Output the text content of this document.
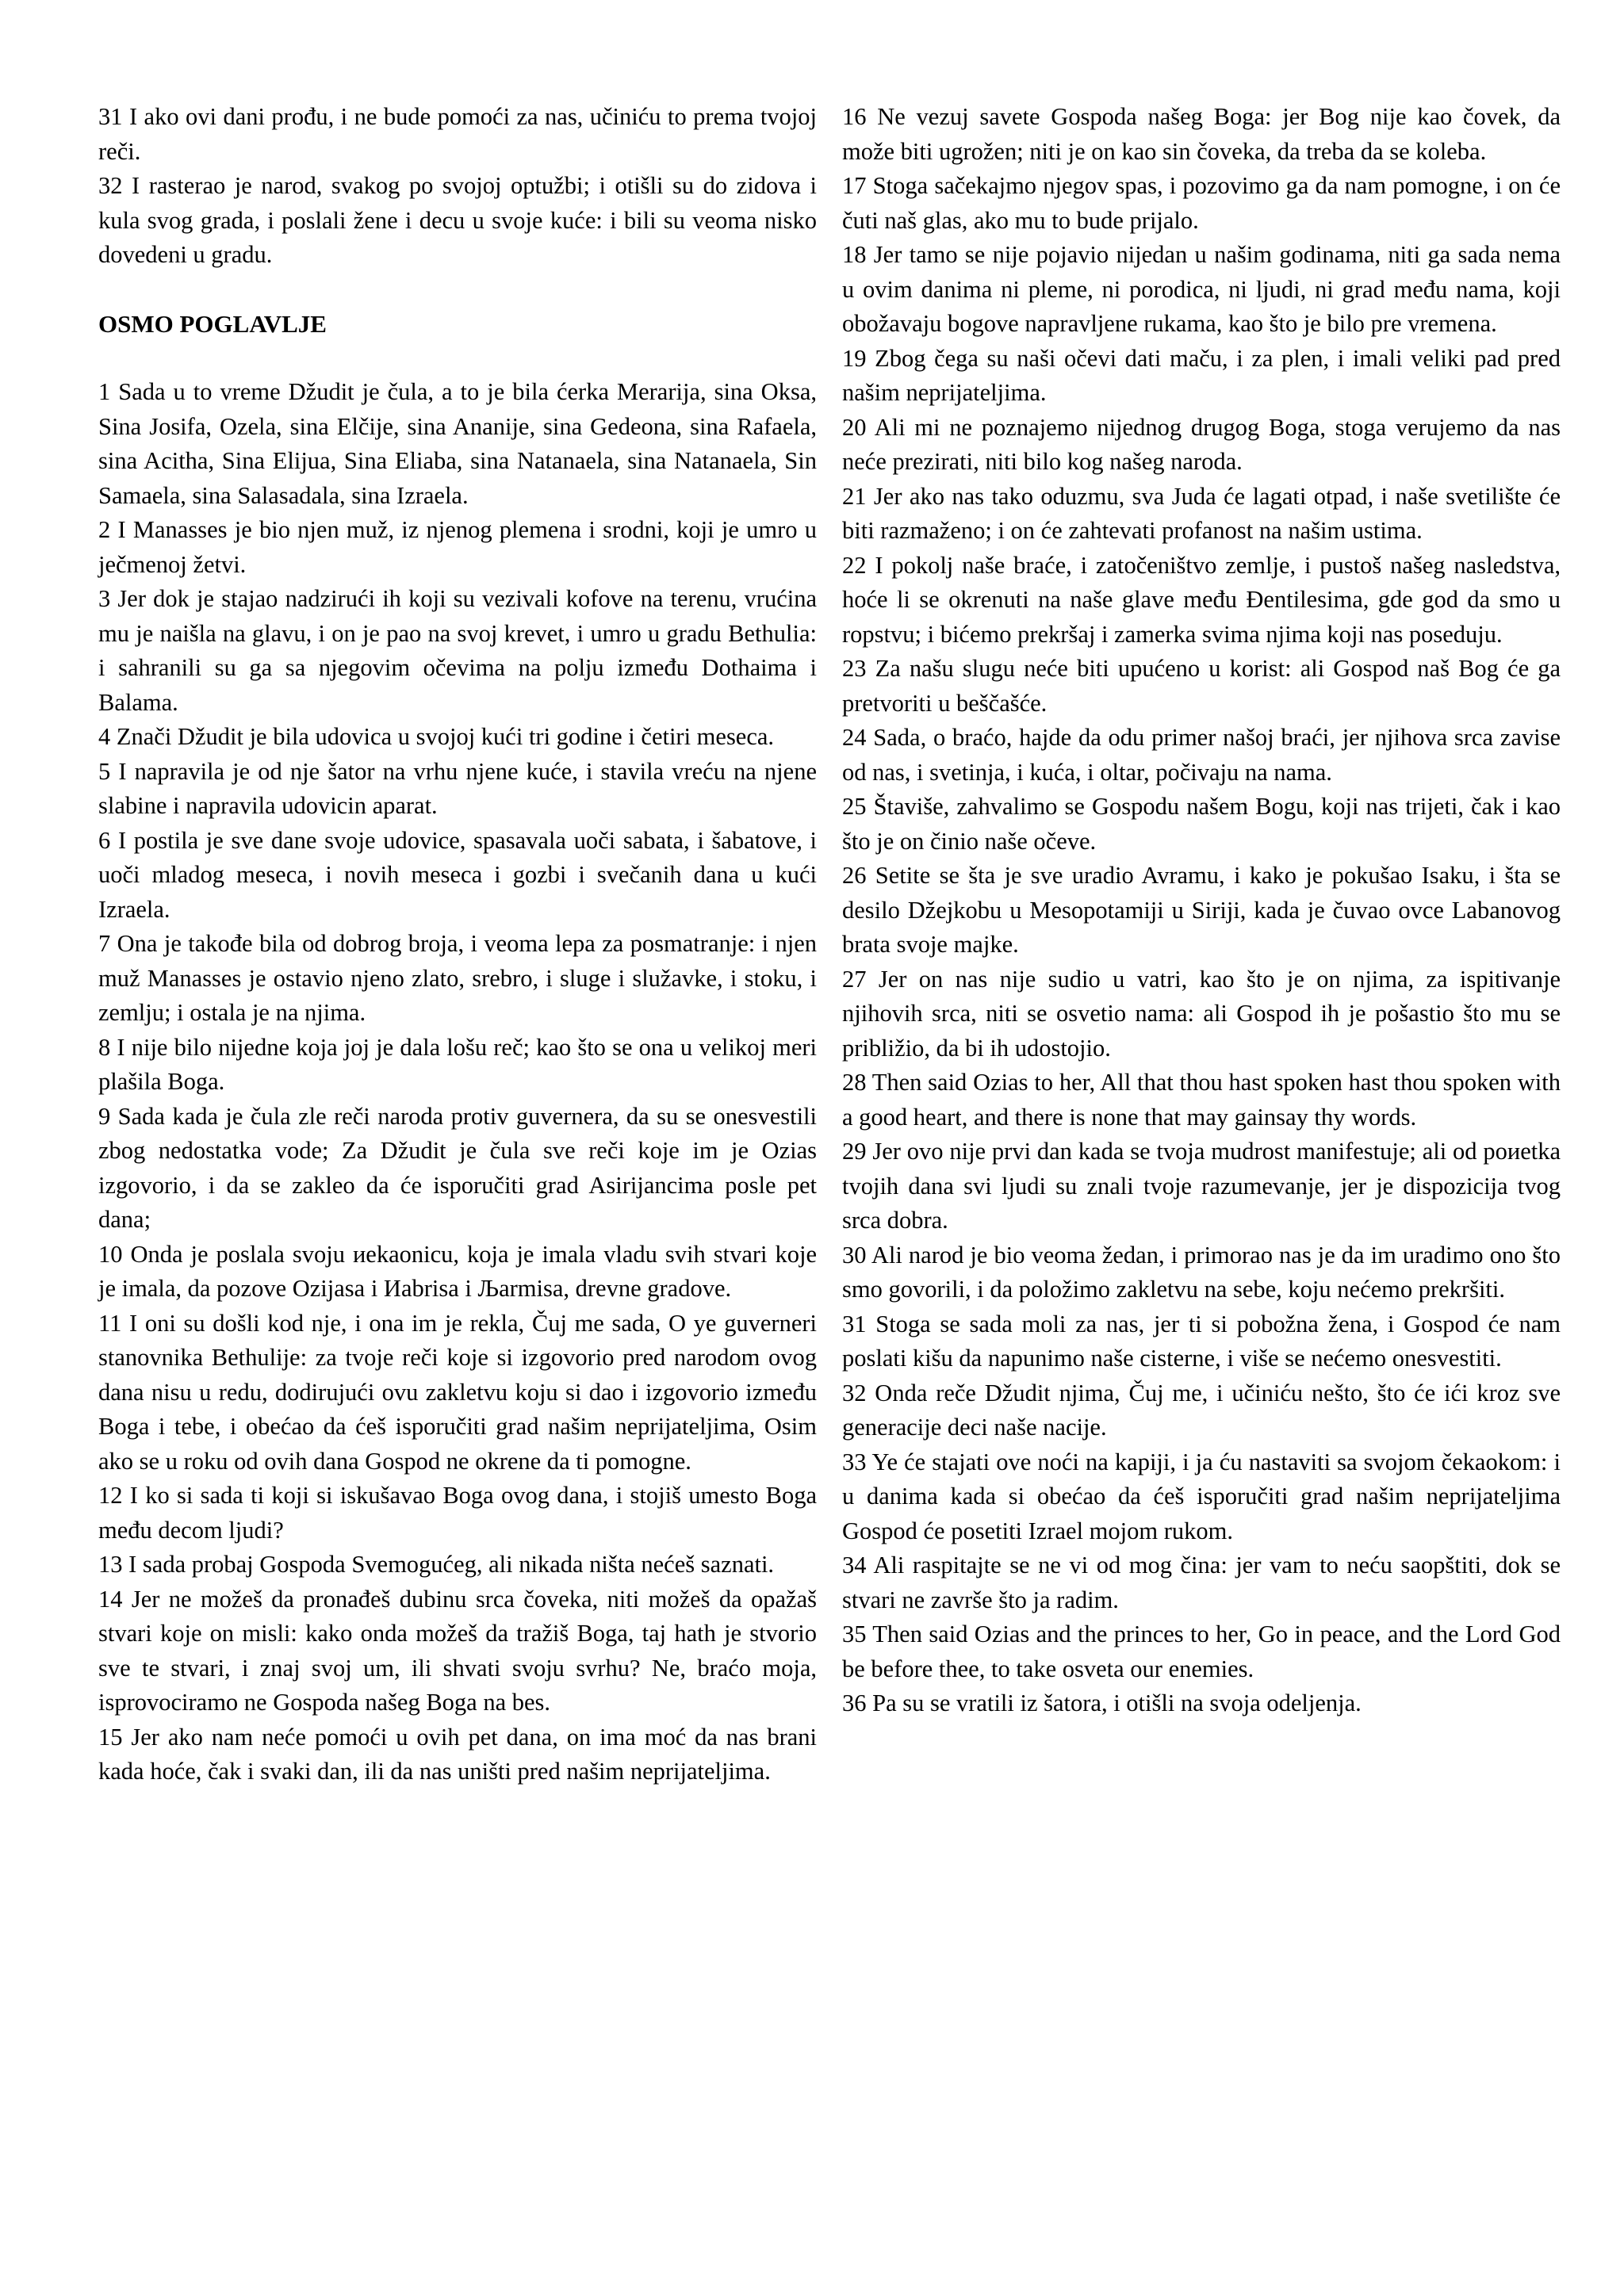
31 I ako ovi dani prođu, i ne bude pomoći za nas, učiniću to prema tvojoj reči.

32 I rasterao je narod, svakog po svojoj optužbi; i otišli su do zidova i kula svog grada, i poslali žene i decu u svoje kuće: i bili su veoma nisko dovedeni u gradu.

OSMO POGLAVLJE

1 Sada u to vreme Džudit je čula, a to je bila ćerka Merarija, sina Oksa, Sina Josifa, Ozela, sina Elčije, sina Ananije, sina Gedeona, sina Rafaela, sina Acitha, Sina Elijua, Sina Eliaba, sina Natanaela, sina Natanaela, Sin Samaela, sina Salasadala, sina Izraela.

2 I Manasses je bio njen muž, iz njenog plemena i srodni, koji je umro u ječmenoj žetvi.

3 Jer dok je stajao nadzirući ih koji su vezivali kofove na terenu, vrućina mu je naišla na glavu, i on je pao na svoj krevet, i umro u gradu Bethulia: i sahranili su ga sa njegovim očevima na polju između Dothaima i Balama.

4 Znači Džudit je bila udovica u svojoj kući tri godine i četiri meseca.

5 I napravila je od nje šator na vrhu njene kuće, i stavila vreću na njene slabine i napravila udovicin aparat.

6 I postila je sve dane svoje udovice, spasavala uoči sabata, i šabatove, i uoči mladog meseca, i novih meseca i gozbi i svečanih dana u kući Izraela.

7 Ona je takođe bila od dobrog broja, i veoma lepa za posmatranje: i njen muž Manasses je ostavio njeno zlato, srebro, i sluge i služavke, i stoku, i zemlju; i ostala je na njima.

8 I nije bilo nijedne koja joj je dala lošu reč; kao što se ona u velikoj meri plašila Boga.

9 Sada kada je čula zle reči naroda protiv guvernera, da su se onesvestili zbog nedostatka vode; Za Džudit je čula sve reči koje im je Ozias izgovorio, i da se zakleo da će isporučiti grad Asirijancima posle pet dana;

10 Onda je poslala svoju иekaonicu, koja je imala vladu svih stvari koje je imala, da pozove Ozijasa i Иabrisa i Љarmisa, drevne gradove.

11 I oni su došli kod nje, i ona im je rekla, Čuj me sada, O ye guverneri stanovnika Bethulije: za tvoje reči koje si izgovorio pred narodom ovog dana nisu u redu, dodirujući ovu zakletvu koju si dao i izgovorio između Boga i tebe, i obećao da ćeš isporučiti grad našim neprijateljima, Osim ako se u roku od ovih dana Gospod ne okrene da ti pomogne.

12 I ko si sada ti koji si iskušavao Boga ovog dana, i stojiš umesto Boga među decom ljudi?

13 I sada probaj Gospoda Svemogućeg, ali nikada ništa nećeš saznati.

14 Jer ne možeš da pronađeš dubinu srca čoveka, niti možeš da opažaš stvari koje on misli: kako onda možeš da tražiš Boga, taj hath je stvorio sve te stvari, i znaj svoj um, ili shvati svoju svrhu? Ne, braćo moja, isprovociramo ne Gospoda našeg Boga na bes.

15 Jer ako nam neće pomoći u ovih pet dana, on ima moć da nas brani kada hoće, čak i svaki dan, ili da nas uništi pred našim neprijateljima.

16 Ne vezuj savete Gospoda našeg Boga: jer Bog nije kao čovek, da može biti ugrožen; niti je on kao sin čoveka, da treba da se koleba.

17 Stoga sačekajmo njegov spas, i pozovimo ga da nam pomogne, i on će čuti naš glas, ako mu to bude prijalo.

18 Jer tamo se nije pojavio nijedan u našim godinama, niti ga sada nema u ovim danima ni pleme, ni porodica, ni ljudi, ni grad među nama, koji obožavaju bogove napravljene rukama, kao što je bilo pre vremena.

19 Zbog čega su naši očevi dati maču, i za plen, i imali veliki pad pred našim neprijateljima.

20 Ali mi ne poznajemo nijednog drugog Boga, stoga verujemo da nas neće prezirati, niti bilo kog našeg naroda.

21 Jer ako nas tako oduzmu, sva Juda će lagati otpad, i naše svetilište će biti razmaženo; i on će zahtevati profanost na našim ustima.

22 I pokolj naše braće, i zatočeništvo zemlje, i pustoš našeg nasledstva, hoće li se okrenuti na naše glave među Đentilesima, gde god da smo u ropstvu; i bićemo prekršaj i zamerka svima njima koji nas poseduju.

23 Za našu slugu neće biti upućeno u korist: ali Gospod naš Bog će ga pretvoriti u beščašće.

24 Sada, o braćo, hajde da odu primer našoj braći, jer njihova srca zavise od nas, i svetinja, i kuća, i oltar, počivaju na nama.

25 Štaviše, zahvalimo se Gospodu našem Bogu, koji nas trijeti, čak i kao što je on činio naše očeve.

26 Setite se šta je sve uradio Avramu, i kako je pokušao Isaku, i šta se desilo Džejkobu u Mesopotamiji u Siriji, kada je čuvao ovce Labanovog brata svoje majke.

27 Jer on nas nije sudio u vatri, kao što je on njima, za ispitivanje njihovih srca, niti se osvetio nama: ali Gospod ih je pošastio što mu se približio, da bi ih udostojio.

28 Then said Ozias to her, All that thou hast spoken hast thou spoken with a good heart, and there is none that may gainsay thy words.

29 Jer ovo nije prvi dan kada se tvoja mudrost manifestuje; ali od poиetka tvojih dana svi ljudi su znali tvoje razumevanje, jer je dispozicija tvog srca dobra.

30 Ali narod je bio veoma žedan, i primorao nas je da im uradimo ono što smo govorili, i da položimo zakletvu na sebe, koju nećemo prekršiti.

31 Stoga se sada moli za nas, jer ti si pobožna žena, i Gospod će nam poslati kišu da napunimo naše cisterne, i više se nećemo onesvestiti.

32 Onda reče Džudit njima, Čuj me, i učiniću nešto, što će ići kroz sve generacije deci naše nacije.

33 Ye će stajati ove noći na kapiji, i ja ću nastaviti sa svojom čekaokom: i u danima kada si obećao da ćeš isporučiti grad našim neprijateljima Gospod će posetiti Izrael mojom rukom.

34 Ali raspitajte se ne vi od mog čina: jer vam to neću saopštiti, dok se stvari ne završe što ja radim.

35 Then said Ozias and the princes to her, Go in peace, and the Lord God be before thee, to take osveta our enemies.

36 Pa su se vratili iz šatora, i otišli na svoja odeljenja.
